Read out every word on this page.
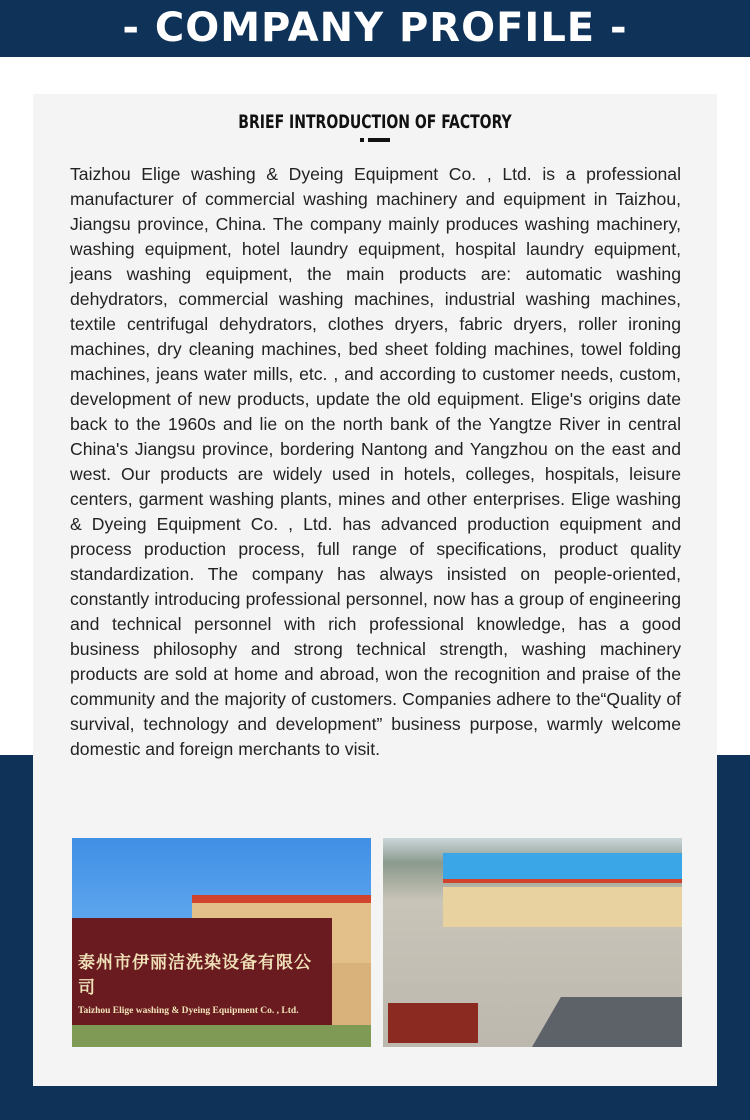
- COMPANY PROFILE -
BRIEF INTRODUCTION OF FACTORY

Taizhou Elige washing & Dyeing Equipment Co. , Ltd. is a professional manufacturer of commercial washing machinery and equipment in Taizhou, Jiangsu province, China. The company mainly produces washing machinery, washing equipment, hotel laundry equipment, hospital laundry equipment, jeans washing equipment, the main products are: automatic washing dehydrators, commercial washing machines, industrial washing machines, textile centrifugal dehydrators, clothes dryers, fabric dryers, roller ironing machines, dry cleaning machines, bed sheet folding machines, towel folding machines, jeans water mills, etc. , and according to customer needs, custom, development of new products, update the old equipment. Elige's origins date back to the 1960s and lie on the north bank of the Yangtze River in central China's Jiangsu province, bordering Nantong and Yangzhou on the east and west. Our products are widely used in hotels, colleges, hospitals, leisure centers, garment washing plants, mines and other enterprises. Elige washing & Dyeing Equipment Co. , Ltd. has advanced production equipment and process production process, full range of specifications, product quality standardization. The company has always insisted on people-oriented, constantly introducing professional personnel, now has a group of engineering and technical personnel with rich professional knowledge, has a good business philosophy and strong technical strength, washing machinery products are sold at home and abroad, won the recognition and praise of the community and the majority of customers. Companies adhere to the“Quality of survival, technology and development” business purpose, warmly welcome domestic and foreign merchants to visit.

泰州市伊丽洁洗染设备有限公司
Taizhou Elige washing & Dyeing Equipment Co. , Ltd.
